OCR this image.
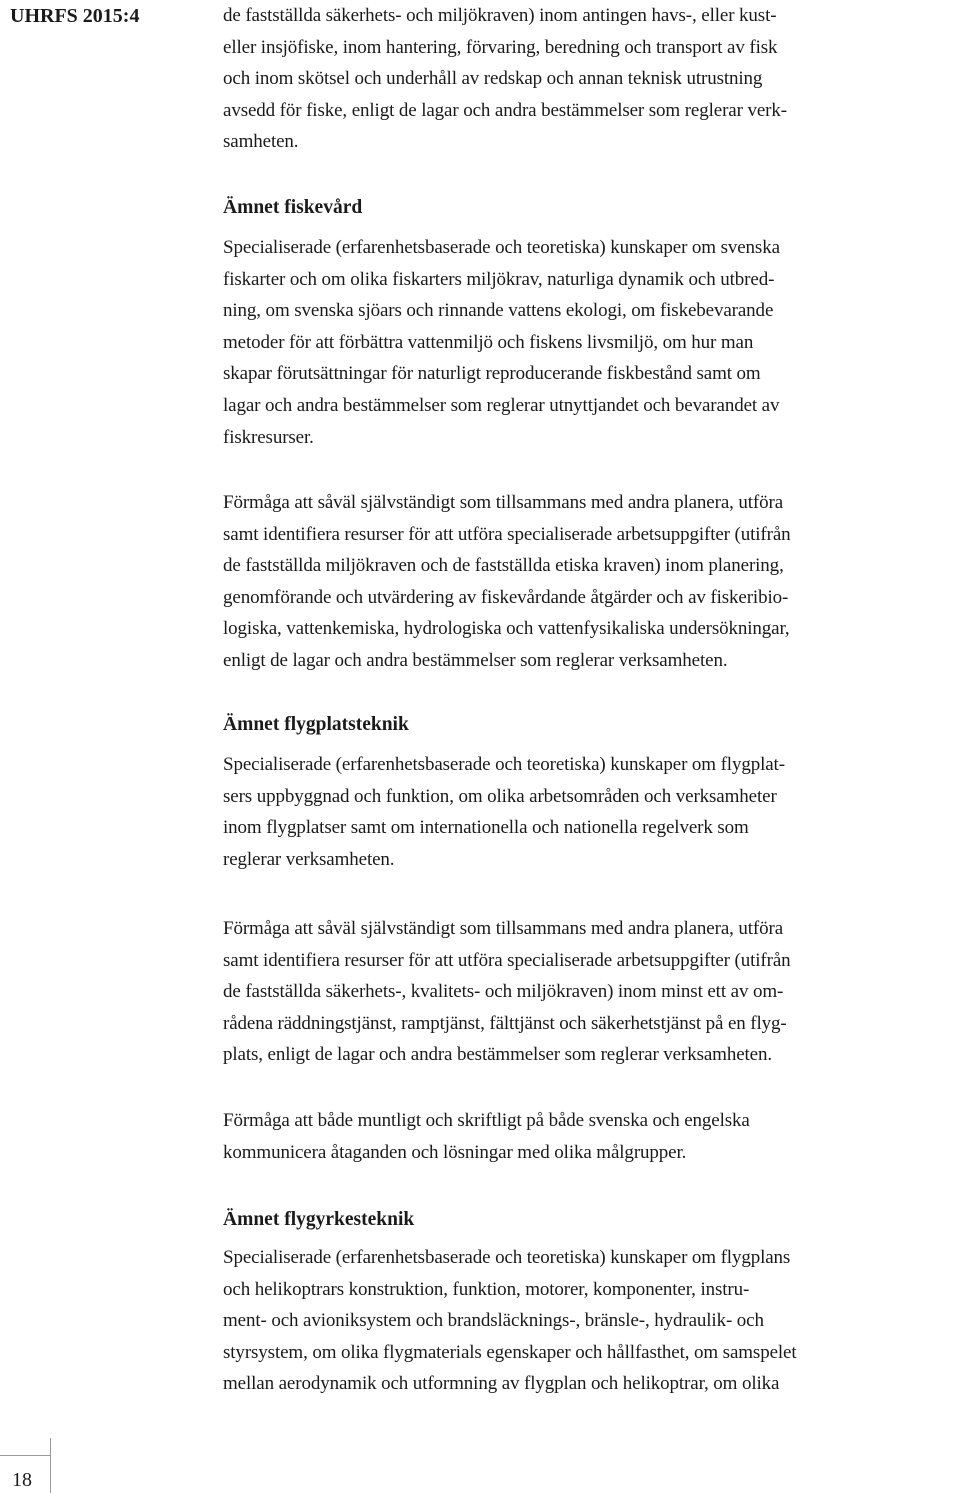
UHRFS 2015:4	de fastställda säkerhets- och miljökraven) inom antingen havs-, eller kust-
eller insjöfiske, inom hantering, förvaring, beredning och transport av fisk
och inom skötsel och underhåll av redskap och annan teknisk utrustning
avsedd för fiske, enligt de lagar och andra bestämmelser som reglerar verk-
samheten.

Ämnet fiskevård

Specialiserade (erfarenhetsbaserade och teoretiska) kunskaper om svenska
fiskarter och om olika fiskarters miljökrav, naturliga dynamik och utbred-
ning, om svenska sjöars och rinnande vattens ekologi, om fiskebevarande
metoder för att förbättra vattenmiljö och fiskens livsmiljö, om hur man
skapar förutsättningar för naturligt reproducerande fiskbestånd samt om
lagar och andra bestämmelser som reglerar utnyttjandet och bevarandet av
fiskresurser.

Förmåga att såväl självständigt som tillsammans med andra planera, utföra
samt identifiera resurser för att utföra specialiserade arbetsuppgifter (utifrån
de fastställda miljökraven och de fastställda etiska kraven) inom planering,
genomförande och utvärdering av fiskevårdande åtgärder och av fiskeribio-
logiska, vattenkemiska, hydrologiska och vattenfysikaliska undersökningar,
enligt de lagar och andra bestämmelser som reglerar verksamheten.

Ämnet flygplatsteknik

Specialiserade (erfarenhetsbaserade och teoretiska) kunskaper om flygplat-
sers uppbyggnad och funktion, om olika arbetsområden och verksamheter
inom flygplatser samt om internationella och nationella regelverk som
reglerar verksamheten.

Förmåga att såväl självständigt som tillsammans med andra planera, utföra
samt identifiera resurser för att utföra specialiserade arbetsuppgifter (utifrån
de fastställda säkerhets-, kvalitets- och miljökraven) inom minst ett av om-
rådena räddningstjänst, ramptjänst, fälttjänst och säkerhetstjänst på en flyg-
plats, enligt de lagar och andra bestämmelser som reglerar verksamheten.

Förmåga att både muntligt och skriftligt på både svenska och engelska
kommunicera åtaganden och lösningar med olika målgrupper.

Ämnet flygyrkesteknik

Specialiserade (erfarenhetsbaserade och teoretiska) kunskaper om flygplans
och helikoptrars konstruktion, funktion, motorer, komponenter, instru-
ment- och avioniksystem och brandsläcknings-, bränsle-, hydraulik- och
styrsystem, om olika flygmaterials egenskaper och hållfasthet, om samspelet
mellan aerodynamik och utformning av flygplan och helikoptrar, om olika

18
